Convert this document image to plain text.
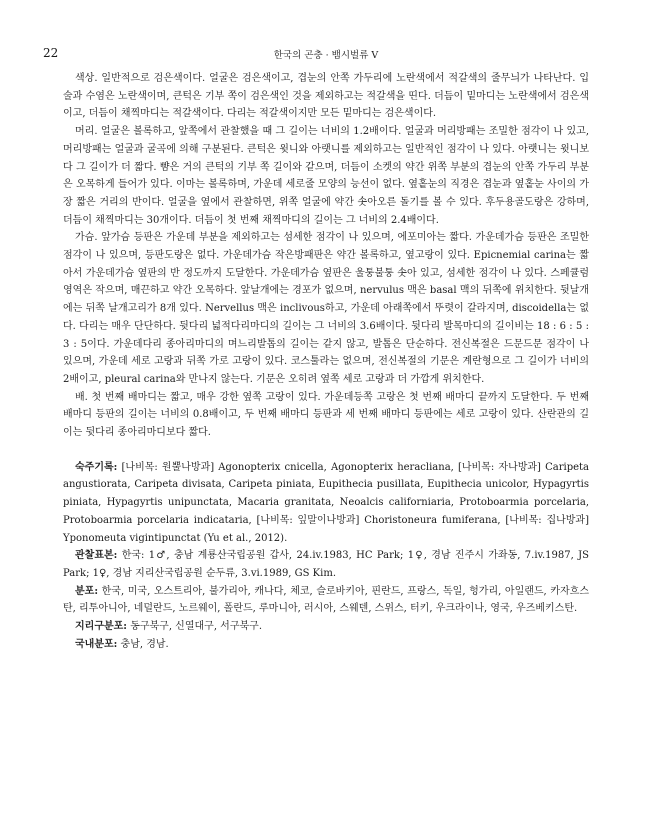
22	한국의 곤충 · 뱀시벌류 V

색상. 일반적으로 검은색이다. 얼굴은 검은색이고, 겹눈의 안쪽 가두리에 노란색에서 적갈색의 줄무늬가 나타난다. 입술과 수염은 노란색이며, 큰턱은 기부 쪽이 검은색인 것을 제외하고는 적갈색을 띤다. 더듬이 밑마디는 노란색에서 검은색이고, 더듬이 채찍마디는 적갈색이다. 다리는 적갈색이지만 모든 밑마디는 검은색이다.

머리. 얼굴은 볼록하고, 앞쪽에서 관찰했을 때 그 길이는 너비의 1.2배이다. 얼굴과 머리방패는 조밀한 점각이 나 있고, 머리방패는 얼굴과 굴곡에 의해 구분된다. 큰턱은 윗니와 아랫니를 제외하고는 일반적인 점각이 나 있다. 아랫니는 윗니보다 그 길이가 더 짧다. 뺨은 거의 큰턱의 기부 쪽 길이와 같으며, 더듬이 소켓의 약간 위쪽 부분의 겹눈의 안쪽 가두리 부분은 오목하게 들어가 있다. 이마는 볼록하며, 가운데 세로줄 모양의 능선이 없다. 옆홑눈의 직경은 겹눈과 옆홑눈 사이의 가장 짧은 거리의 반이다. 얼굴을 옆에서 관찰하면, 위쪽 얼굴에 약간 솟아오른 돌기를 볼 수 있다. 후두용골도랑은 강하며, 더듬이 채찍마디는 30개이다. 더듬이 첫 번째 채찍마디의 길이는 그 너비의 2.4배이다.

가슴. 앞가슴 등판은 가운데 부분을 제외하고는 섬세한 점각이 나 있으며, 에포미아는 짧다. 가운데가슴 등판은 조밀한 점각이 나 있으며, 등판도랑은 없다. 가운데가슴 작은방패판은 약간 볼록하고, 옆고랑이 있다. Epicnemial carina는 짧아서 가운데가슴 옆판의 반 정도까지 도달한다. 가운데가슴 옆판은 울퉁불퉁 솟아 있고, 섬세한 점각이 나 있다. 스페큘럼 영역은 작으며, 매끈하고 약간 오목하다. 앞날개에는 경포가 없으며, nervulus 맥은 basal 맥의 뒤쪽에 위치한다. 뒷날개에는 뒤쪽 날개고리가 8개 있다. Nervellus 맥은 inclivous하고, 가운데 아래쪽에서 뚜렷이 갈라지며, discoidella는 없다. 다리는 매우 단단하다. 뒷다리 넓적다리마디의 길이는 그 너비의 3.6배이다. 뒷다리 발목마디의 길이비는 18 : 6 : 5 : 3 : 5이다. 가운데다리 종아리마디의 며느리발톱의 길이는 같지 않고, 발톱은 단순하다. 전신복절은 드문드문 점각이 나 있으며, 가운데 세로 고랑과 뒤쪽 가로 고랑이 있다. 코스툴라는 없으며, 전신복절의 기문은 계란형으로 그 길이가 너비의 2배이고, pleural carina와 만나지 않는다. 기문은 오히려 옆쪽 세로 고랑과 더 가깝게 위치한다.

배. 첫 번째 배마디는 짧고, 매우 강한 옆쪽 고랑이 있다. 가운데등쪽 고랑은 첫 번째 배마디 끝까지 도달한다. 두 번째 배마디 등판의 길이는 너비의 0.8배이고, 두 번째 배마디 등판과 세 번째 배마디 등판에는 세로 고랑이 있다. 산란관의 길이는 뒷다리 종아리마디보다 짧다.

숙주기록: [나비목: 원뿔나방과] Agonopterix cnicella, Agonopterix heracliana, [나비목: 자나방과] Caripeta angustiorata, Caripeta divisata, Caripeta piniata, Eupithecia pusillata, Eupithecia unicolor, Hypagyrtis piniata, Hypagyrtis unipunctata, Macaria granitata, Neoalcis californiaria, Protoboarmia porcelaria, Protoboarmia porcelaria indicataria, [나비목: 잎말이나방과] Choristoneura fumiferana, [나비목: 집나방과] Yponomeuta vigintipunctat (Yu et al., 2012).

관찰표본: 한국: 1♂, 충남 계룡산국립공원 갑사, 24.iv.1983, HC Park; 1♀, 경남 진주시 가좌동, 7.iv.1987, JS Park; 1♀, 경남 지리산국립공원 순두류, 3.vi.1989, GS Kim.

분포: 한국, 미국, 오스트리아, 불가리아, 캐나다, 체코, 슬로바키아, 핀란드, 프랑스, 독일, 헝가리, 아일랜드, 카자흐스탄, 리투아니아, 네덜란드, 노르웨이, 폴란드, 루마니아, 러시아, 스웨덴, 스위스, 터키, 우크라이나, 영국, 우즈베키스탄.

지리구분포: 동구북구, 신열대구, 서구북구.

국내분포: 충남, 경남.
